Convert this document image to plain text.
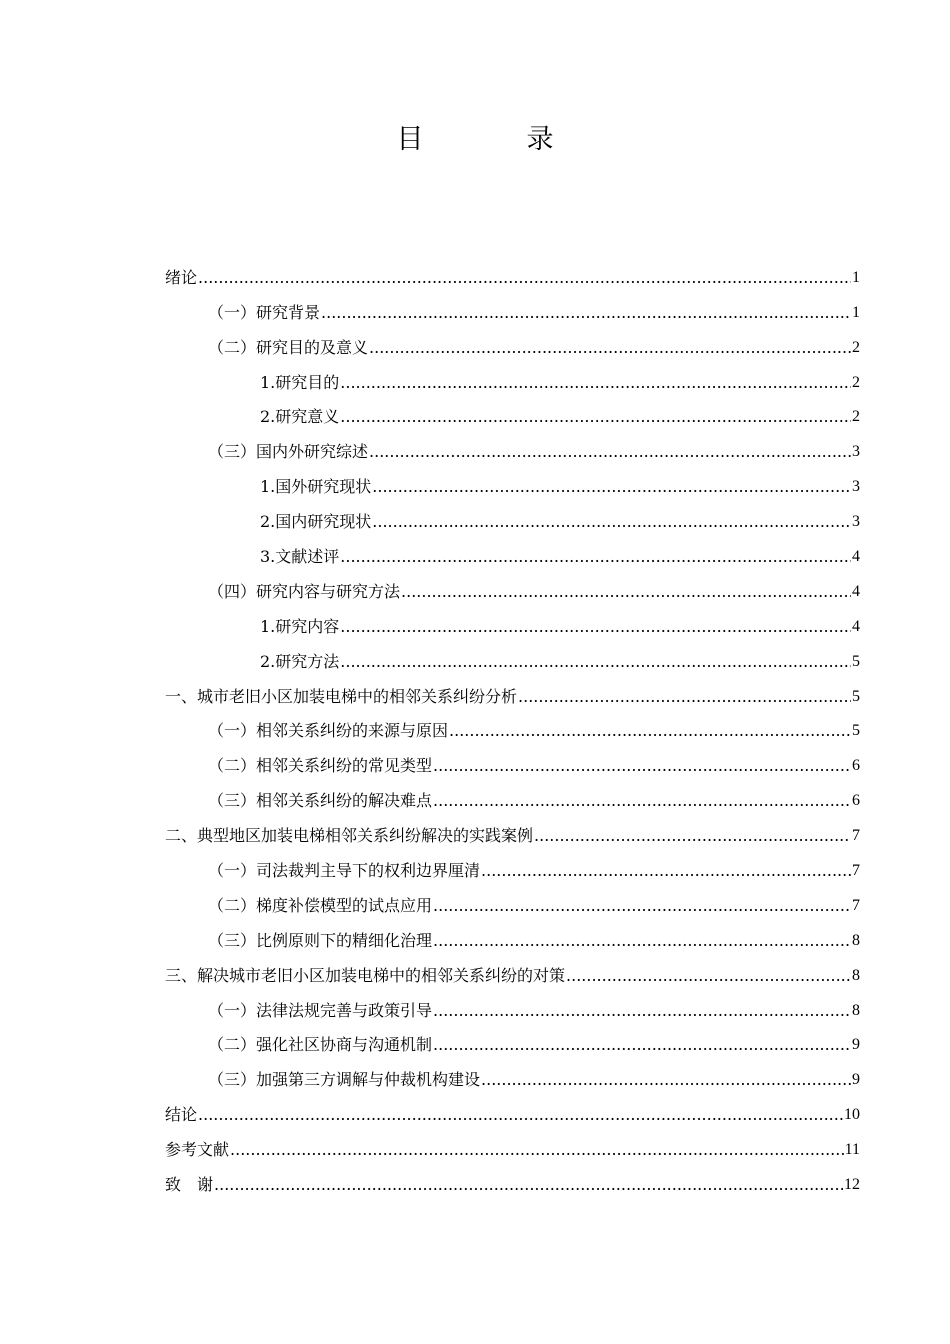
目　录
绪论 .....	1
（一）研究背景 .....	1
（二）研究目的及意义 .....	2
1.研究目的 .....	2
2.研究意义 .....	2
（三）国内外研究综述 .....	3
1.国外研究现状 .....	3
2.国内研究现状 .....	3
3.文献述评 .....	4
（四）研究内容与研究方法 .....	4
1.研究内容 .....	4
2.研究方法 .....	5
一、城市老旧小区加装电梯中的相邻关系纠纷分析 .....	5
（一）相邻关系纠纷的来源与原因 .....	5
（二）相邻关系纠纷的常见类型 .....	6
（三）相邻关系纠纷的解决难点 .....	6
二、典型地区加装电梯相邻关系纠纷解决的实践案例 .....	7
（一）司法裁判主导下的权利边界厘清 .....	7
（二）梯度补偿模型的试点应用 .....	7
（三）比例原则下的精细化治理 .....	8
三、解决城市老旧小区加装电梯中的相邻关系纠纷的对策 .....	8
（一）法律法规完善与政策引导 .....	8
（二）强化社区协商与沟通机制 .....	9
（三）加强第三方调解与仲裁机构建设 .....	9
结论 .....	10
参考文献 .....	11
致　谢 .....	12
